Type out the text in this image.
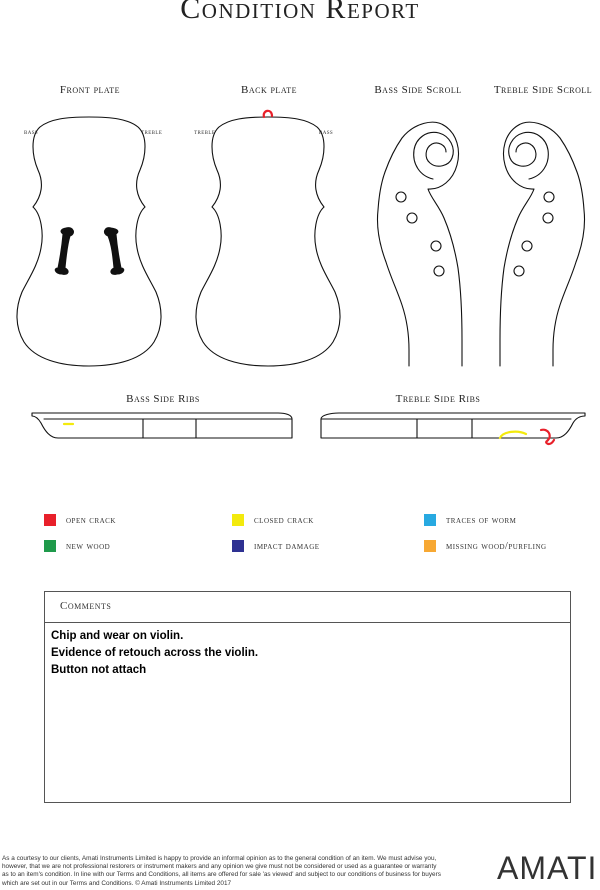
Condition Report
Front plate	Back plate	Bass Side Scroll	Treble Side Scroll
Bass Side Ribs	Treble Side Ribs
bass	treble	treble	bass
open crack	closed crack	traces of worm
new wood	impact damage	missing wood/purfling
Comments
Chip and wear on violin.
Evidence of retouch across the violin.
Button not attach
As a courtesy to our clients, Amati Instruments Limited is happy to provide an informal opinion as to the general condition of an item. We must advise you, however, that we are not professional restorers or instrument makers and any opinion we give must not be considered or used as a guarantee or warranty as to an item's condition. In line with our Terms and Conditions, all items are offered for sale 'as viewed' and subject to our conditions of business for buyers which are set out in our Terms and Conditions. © Amati Instruments Limited 2017	AMATI
